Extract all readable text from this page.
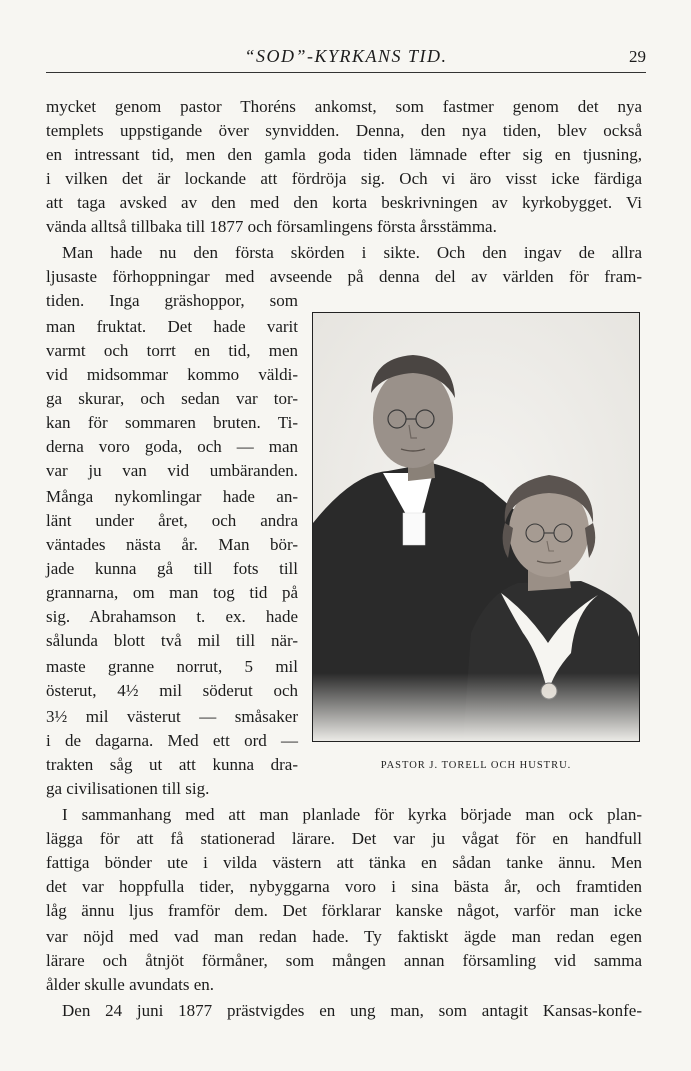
“SOD”-KYRKANS TID.	29
mycket genom pastor Thoréns ankomst, som fastmer genom det nya
templets uppstigande över synvidden. Denna, den nya tiden, blev också
en intressant tid, men den gamla goda tiden lämnade efter sig en tjusning,
i vilken det är lockande att fördröja sig. Och vi äro visst icke färdiga
att taga avsked av den med den korta beskrivningen av kyrkobygget. Vi
vända alltså tillbaka till 1877 och församlingens första årsstämma.
Man hade nu den första skörden i sikte. Och den ingav de allra
ljusaste förhoppningar med avseende på denna del av världen för fram-
tiden. Inga gräshoppor, som
man fruktat. Det hade varit
varmt och torrt en tid, men
vid midsommar kommo väldi-
ga skurar, och sedan var tor-
kan för sommaren bruten. Ti-
derna voro goda, och — man
var ju van vid umbäranden.
Många nykomlingar hade an-
länt under året, och andra
väntades nästa år. Man bör-
jade kunna gå till fots till
grannarna, om man tog tid på
sig. Abrahamson t. ex. hade
sålunda blott två mil till när-
maste granne norrut, 5 mil
österut, 4½ mil söderut och
3½ mil västerut — småsaker
i de dagarna. Med ett ord —
trakten såg ut att kunna dra-
ga civilisationen till sig.
I sammanhang med att man planlade för kyrka började man ock plan-
lägga för att få stationerad lärare. Det var ju vågat för en handfull
fattiga bönder ute i vilda västern att tänka en sådan tanke ännu. Men
det var hoppfulla tider, nybyggarna voro i sina bästa år, och framtiden
låg ännu ljus framför dem. Det förklarar kanske något, varför man icke
var nöjd med vad man redan hade. Ty faktiskt ägde man redan egen
lärare och åtnjöt förmåner, som mången annan församling vid samma
ålder skulle avundats en.
Den 24 juni 1877 prästvigdes en ung man, som antagit Kansas-konfe-
PASTOR J. TORELL OCH HUSTRU.
